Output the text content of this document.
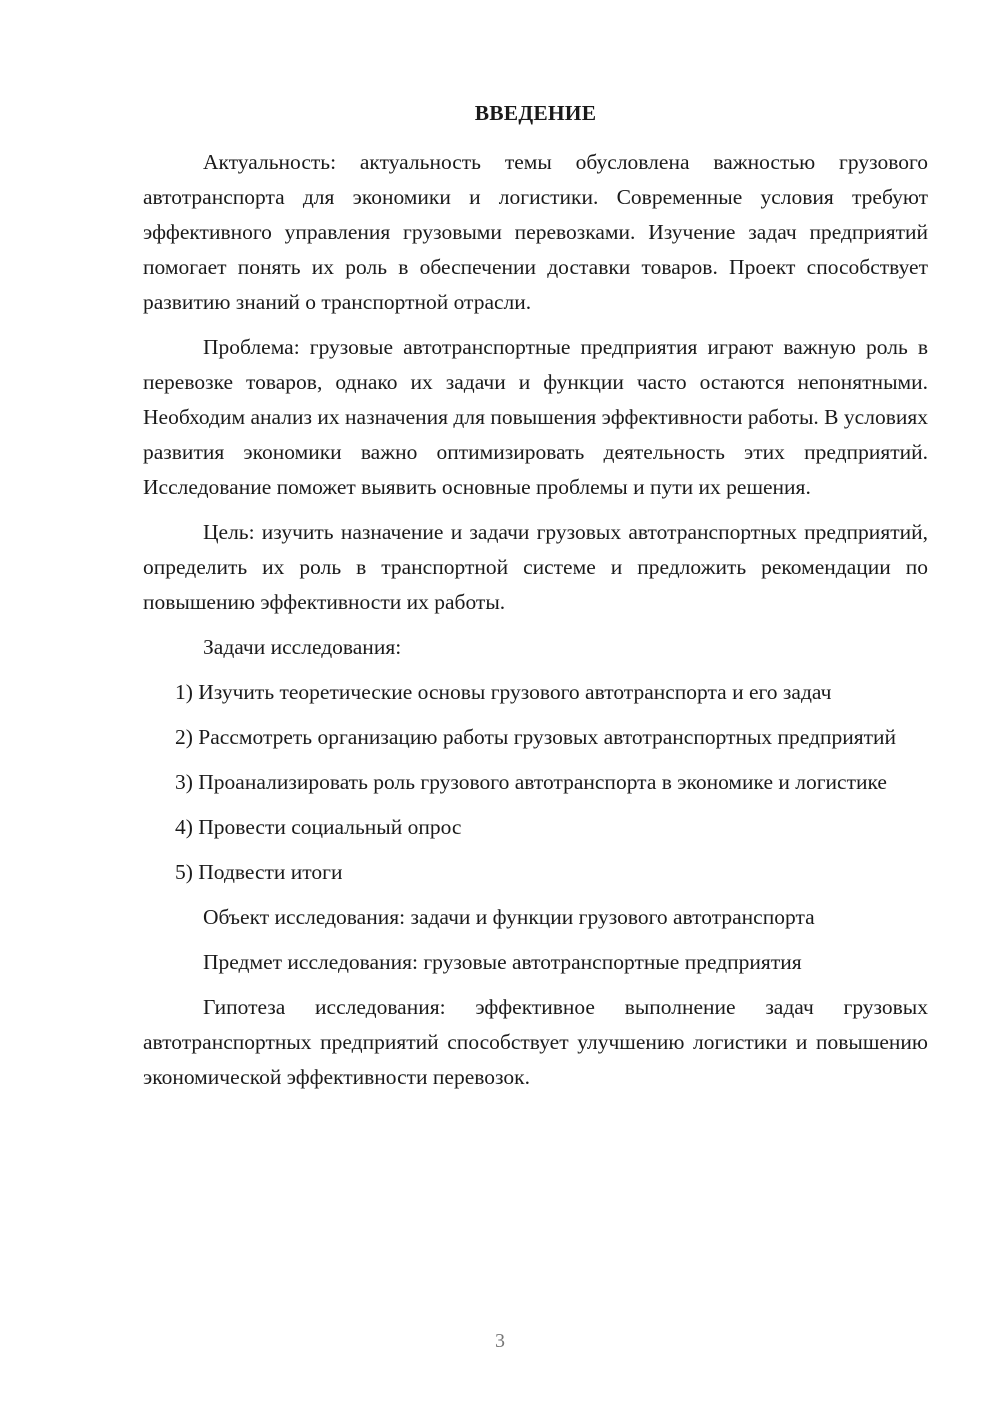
ВВЕДЕНИЕ

Актуальность: актуальность темы обусловлена важностью грузового автотранспорта для экономики и логистики. Современные условия требуют эффективного управления грузовыми перевозками. Изучение задач предприятий помогает понять их роль в обеспечении доставки товаров. Проект способствует развитию знаний о транспортной отрасли.

Проблема: грузовые автотранспортные предприятия играют важную роль в перевозке товаров, однако их задачи и функции часто остаются непонятными. Необходим анализ их назначения для повышения эффективности работы. В условиях развития экономики важно оптимизировать деятельность этих предприятий. Исследование поможет выявить основные проблемы и пути их решения.

Цель: изучить назначение и задачи грузовых автотранспортных предприятий, определить их роль в транспортной системе и предложить рекомендации по повышению эффективности их работы.

Задачи исследования:

1) Изучить теоретические основы грузового автотранспорта и его задач

2) Рассмотреть организацию работы грузовых автотранспортных предприятий

3) Проанализировать роль грузового автотранспорта в экономике и логистике

4) Провести социальный опрос

5) Подвести итоги

Объект исследования: задачи и функции грузового автотранспорта

Предмет исследования: грузовые автотранспортные предприятия

Гипотеза исследования: эффективное выполнение задач грузовых автотранспортных предприятий способствует улучшению логистики и повышению экономической эффективности перевозок.

3
